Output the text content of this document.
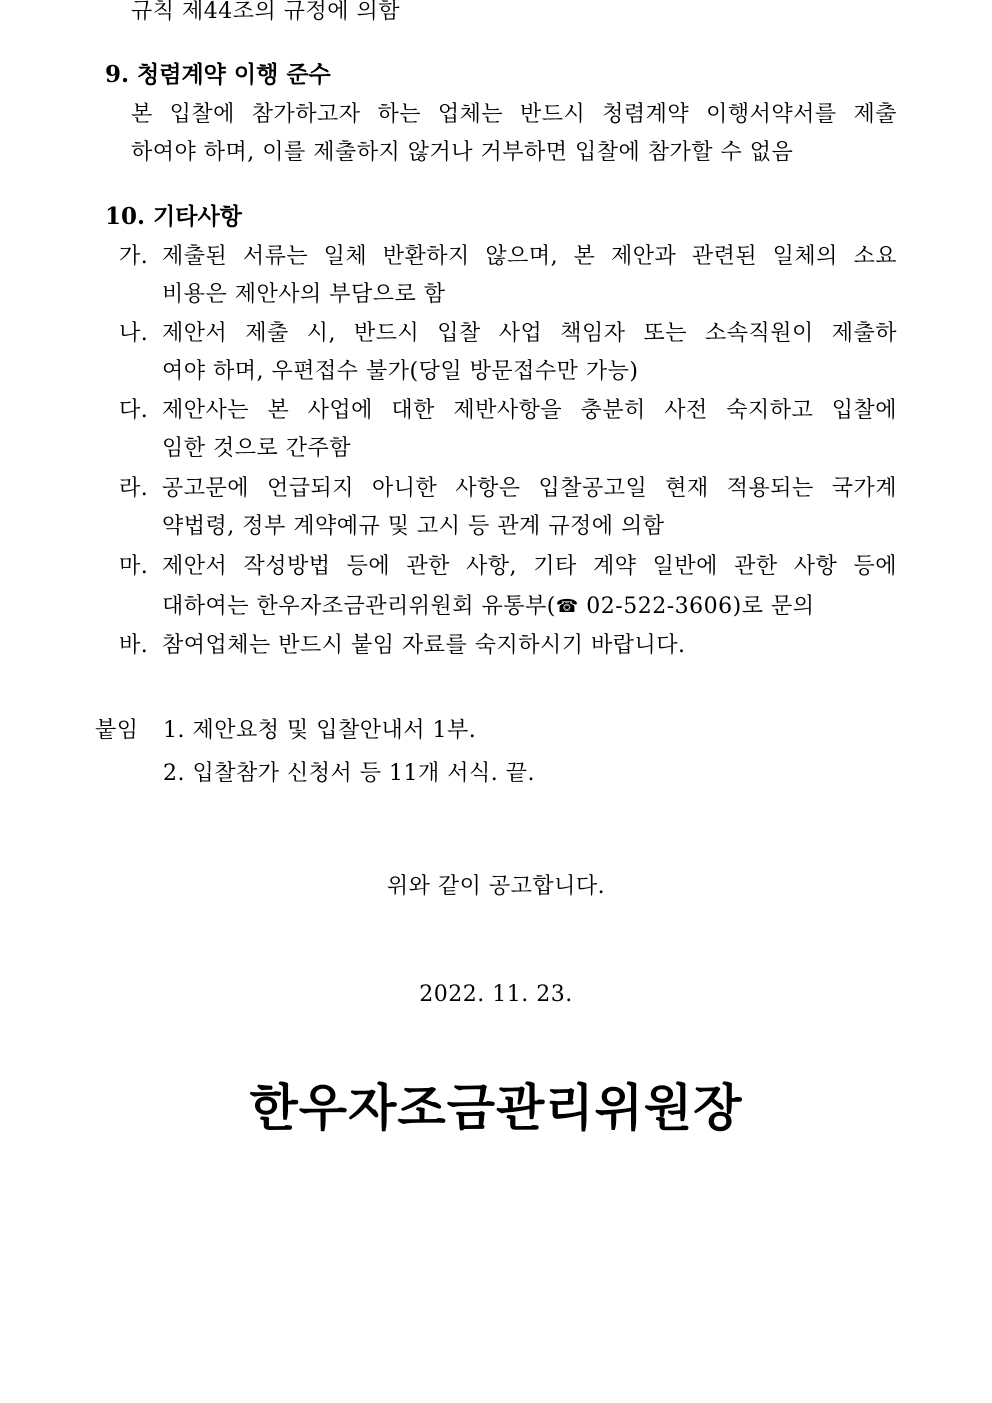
규칙 제44조의 규정에 의함
9. 청렴계약 이행 준수
본 입찰에 참가하고자 하는 업체는 반드시 청렴계약 이행서약서를 제출
하여야 하며, 이를 제출하지 않거나 거부하면 입찰에 참가할 수 없음
10. 기타사항
가. 제출된 서류는 일체 반환하지 않으며, 본 제안과 관련된 일체의 소요
비용은 제안사의 부담으로 함
나. 제안서 제출 시, 반드시 입찰 사업 책임자 또는 소속직원이 제출하
여야 하며, 우편접수 불가(당일 방문접수만 가능)
다. 제안사는 본 사업에 대한 제반사항을 충분히 사전 숙지하고 입찰에
임한 것으로 간주함
라. 공고문에 언급되지 아니한 사항은 입찰공고일 현재 적용되는 국가계
약법령, 정부 계약예규 및 고시 등 관계 규정에 의함
마. 제안서 작성방법 등에 관한 사항, 기타 계약 일반에 관한 사항 등에
대하여는 한우자조금관리위원회 유통부(☎ 02-522-3606)로 문의
바. 참여업체는 반드시 붙임 자료를 숙지하시기 바랍니다.
붙임 1. 제안요청 및 입찰안내서 1부.
2. 입찰참가 신청서 등 11개 서식. 끝.
위와 같이 공고합니다.
2022. 11. 23.
한우자조금관리위원장
